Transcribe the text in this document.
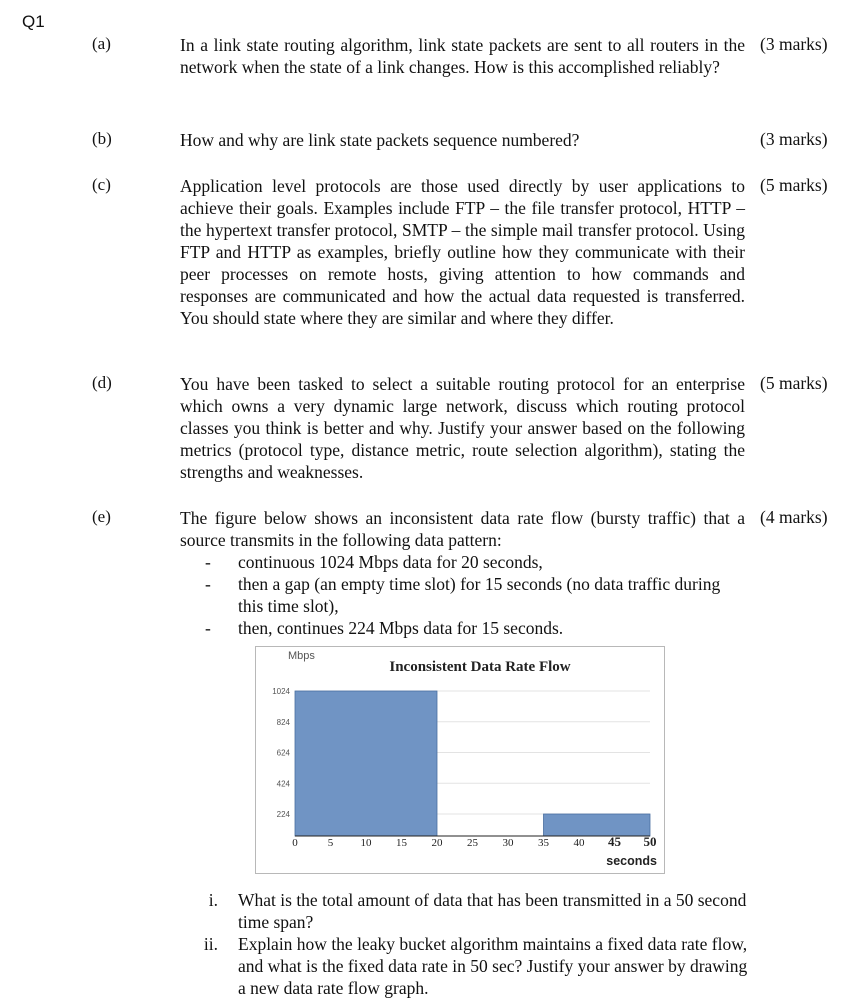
Q1
(a)	In a link state routing algorithm, link state packets are sent to all routers in the network when the state of a link changes. How is this accomplished reliably?
(3 marks)
(b)	How and why are link state packets sequence numbered?	(3 marks)
(c)	Application level protocols are those used directly by user applications to achieve their goals. Examples include FTP – the file transfer protocol, HTTP – the hypertext transfer protocol, SMTP – the simple mail transfer protocol. Using FTP and HTTP as examples, briefly outline how they communicate with their peer processes on remote hosts, giving attention to how commands and responses are communicated and how the actual data requested is transferred. You should state where they are similar and where they differ.
(5 marks)
(d)	You have been tasked to select a suitable routing protocol for an enterprise which owns a very dynamic large network, discuss which routing protocol classes you think is better and why. Justify your answer based on the following metrics (protocol type, distance metric, route selection algorithm), stating the strengths and weaknesses.
(5 marks)
(e)	The figure below shows an inconsistent data rate flow (bursty traffic) that a source transmits in the following data pattern:
(4 marks)
- continuous 1024 Mbps data for 20 seconds,
- then a gap (an empty time slot) for 15 seconds (no data traffic during this time slot),
- then, continues 224 Mbps data for 15 seconds.
224
424
624
824
1024
0	5 10 15 20 25 30 35 40 45 50
Mbps
Inconsistent Data Rate Flow
seconds
i. What is the total amount of data that has been transmitted in a 50 second time span?
ii. Explain how the leaky bucket algorithm maintains a fixed data rate flow, and what is the fixed data rate in 50 sec? Justify your answer by drawing a new data rate flow graph.
